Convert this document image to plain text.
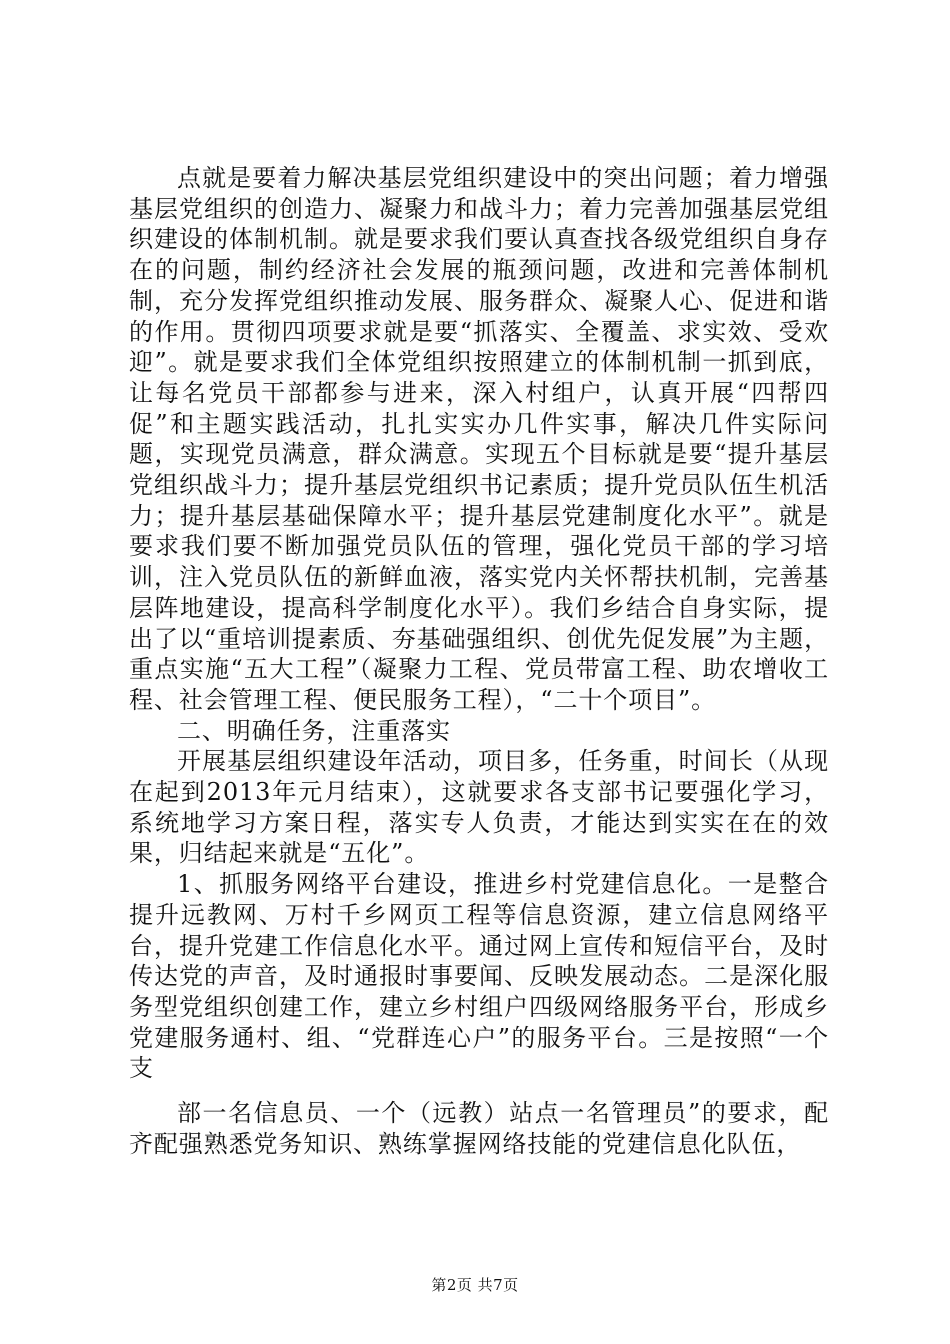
点就是要着力解决基层党组织建设中的突出问题；着力增强基层党组织的创造力、凝聚力和战斗力；着力完善加强基层党组织建设的体制机制。就是要求我们要认真查找各级党组织自身存在的问题，制约经济社会发展的瓶颈问题，改进和完善体制机制，充分发挥党组织推动发展、服务群众、凝聚人心、促进和谐的作用。贯彻四项要求就是要“抓落实、全覆盖、求实效、受欢迎”。就是要求我们全体党组织按照建立的体制机制一抓到底，让每名党员干部都参与进来，深入村组户，认真开展“四帮四促”和主题实践活动，扎扎实实办几件实事，解决几件实际问题，实现党员满意，群众满意。实现五个目标就是要“提升基层党组织战斗力；提升基层党组织书记素质；提升党员队伍生机活力；提升基层基础保障水平；提升基层党建制度化水平”。就是要求我们要不断加强党员队伍的管理，强化党员干部的学习培训，注入党员队伍的新鲜血液，落实党内关怀帮扶机制，完善基层阵地建设，提高科学制度化水平）。我们乡结合自身实际，提出了以“重培训提素质、夯基础强组织、创优先促发展”为主题，重点实施“五大工程”（凝聚力工程、党员带富工程、助农增收工程、社会管理工程、便民服务工程），“二十个项目”。

二、明确任务，注重落实

开展基层组织建设年活动，项目多，任务重，时间长（从现在起到2013年元月结束），这就要求各支部书记要强化学习，系统地学习方案日程，落实专人负责，才能达到实实在在的效果，归结起来就是“五化”。

1、抓服务网络平台建设，推进乡村党建信息化。一是整合提升远教网、万村千乡网页工程等信息资源，建立信息网络平台，提升党建工作信息化水平。通过网上宣传和短信平台，及时传达党的声音，及时通报时事要闻、反映发展动态。二是深化服务型党组织创建工作，建立乡村组户四级网络服务平台，形成乡党建服务通村、组、“党群连心户”的服务平台。三是按照“一个支

部一名信息员、一个（远教）站点一名管理员”的要求，配齐配强熟悉党务知识、熟练掌握网络技能的党建信息化队伍，

第2页 共7页
